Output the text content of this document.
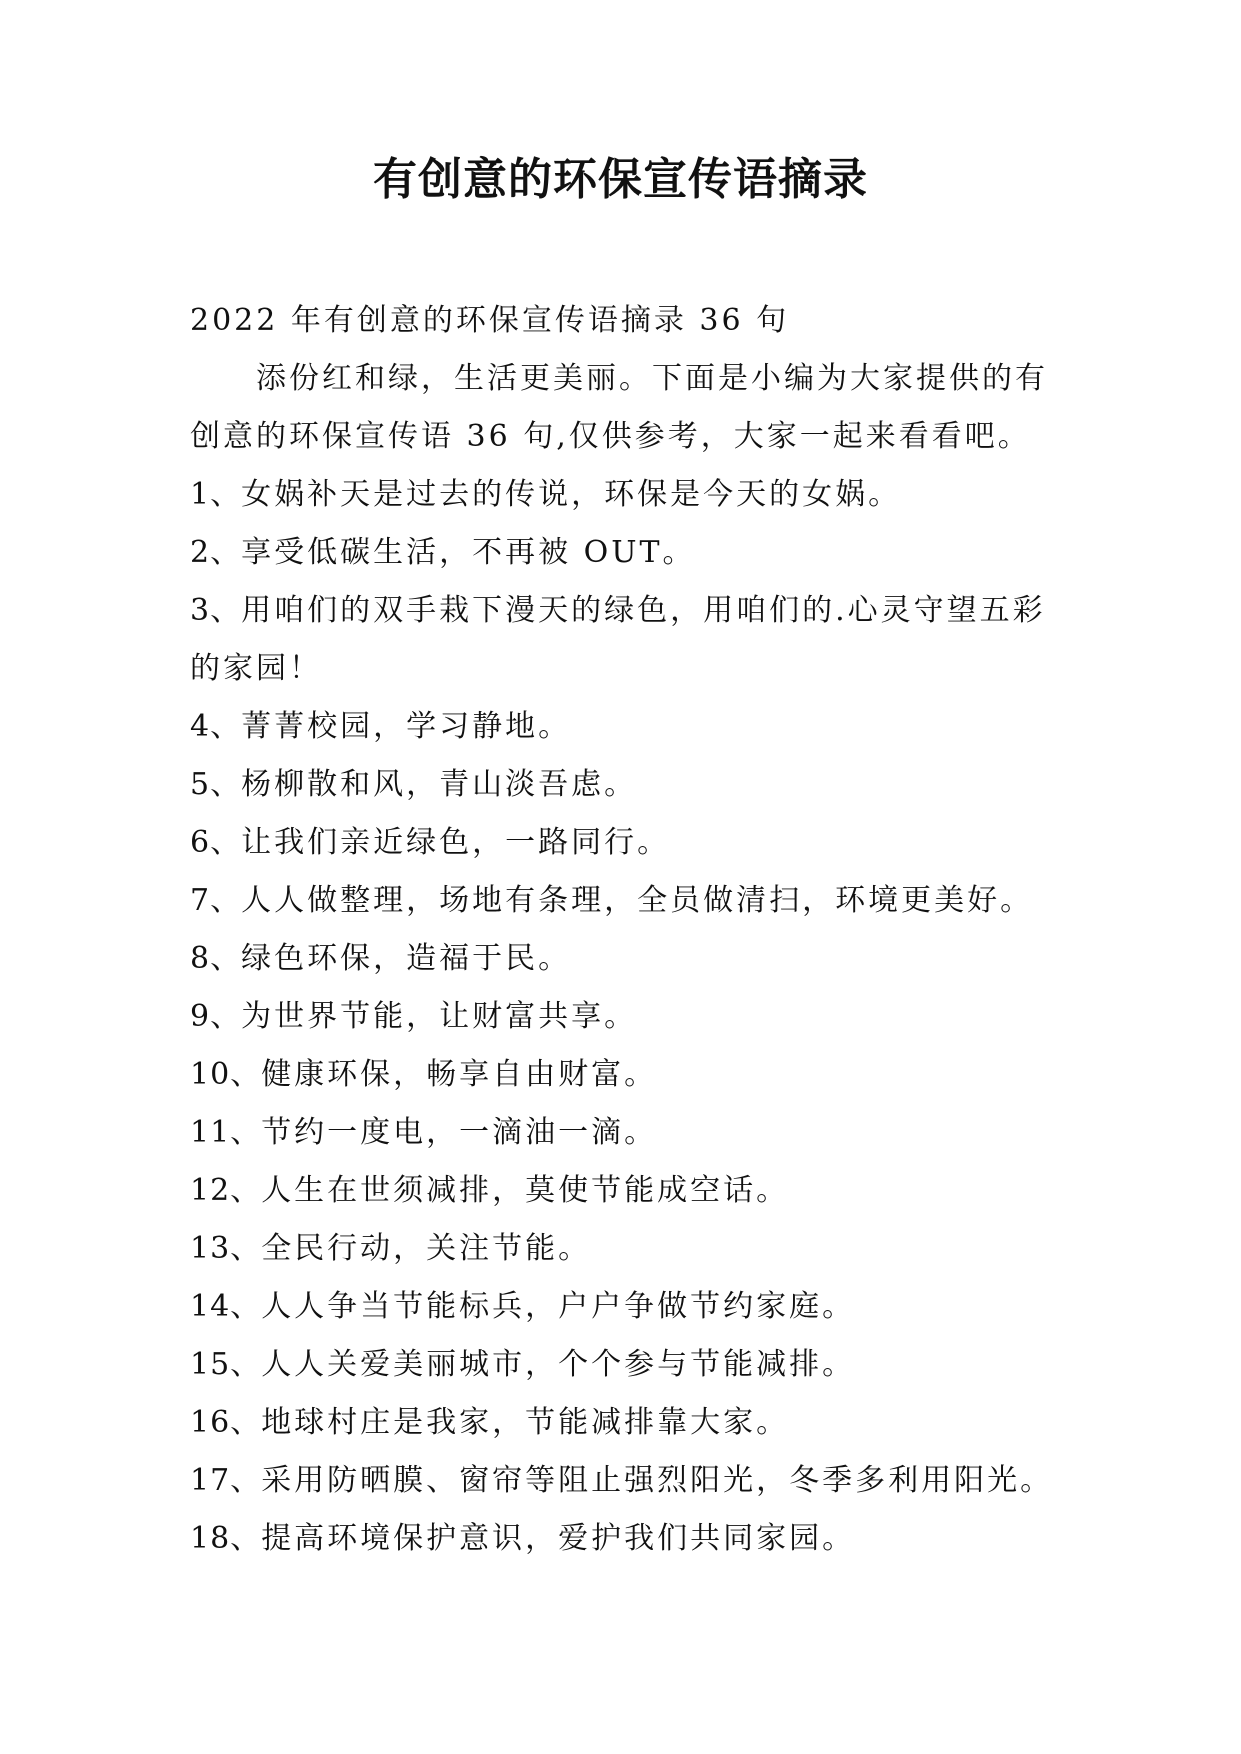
有创意的环保宣传语摘录

2022 年有创意的环保宣传语摘录 36 句

添份红和绿，生活更美丽。下面是小编为大家提供的有创意的环保宣传语 36 句,仅供参考，大家一起来看看吧。

1、女娲补天是过去的传说，环保是今天的女娲。

2、享受低碳生活，不再被 OUT。

3、用咱们的双手栽下漫天的绿色，用咱们的.心灵守望五彩的家园！

4、菁菁校园，学习静地。

5、杨柳散和风，青山淡吾虑。

6、让我们亲近绿色，一路同行。

7、人人做整理，场地有条理，全员做清扫，环境更美好。

8、绿色环保，造福于民。

9、为世界节能，让财富共享。

10、健康环保，畅享自由财富。

11、节约一度电，一滴油一滴。

12、人生在世须减排，莫使节能成空话。

13、全民行动，关注节能。

14、人人争当节能标兵，户户争做节约家庭。

15、人人关爱美丽城市，个个参与节能减排。

16、地球村庄是我家，节能减排靠大家。

17、采用防晒膜、窗帘等阻止强烈阳光，冬季多利用阳光。

18、提高环境保护意识，爱护我们共同家园。
